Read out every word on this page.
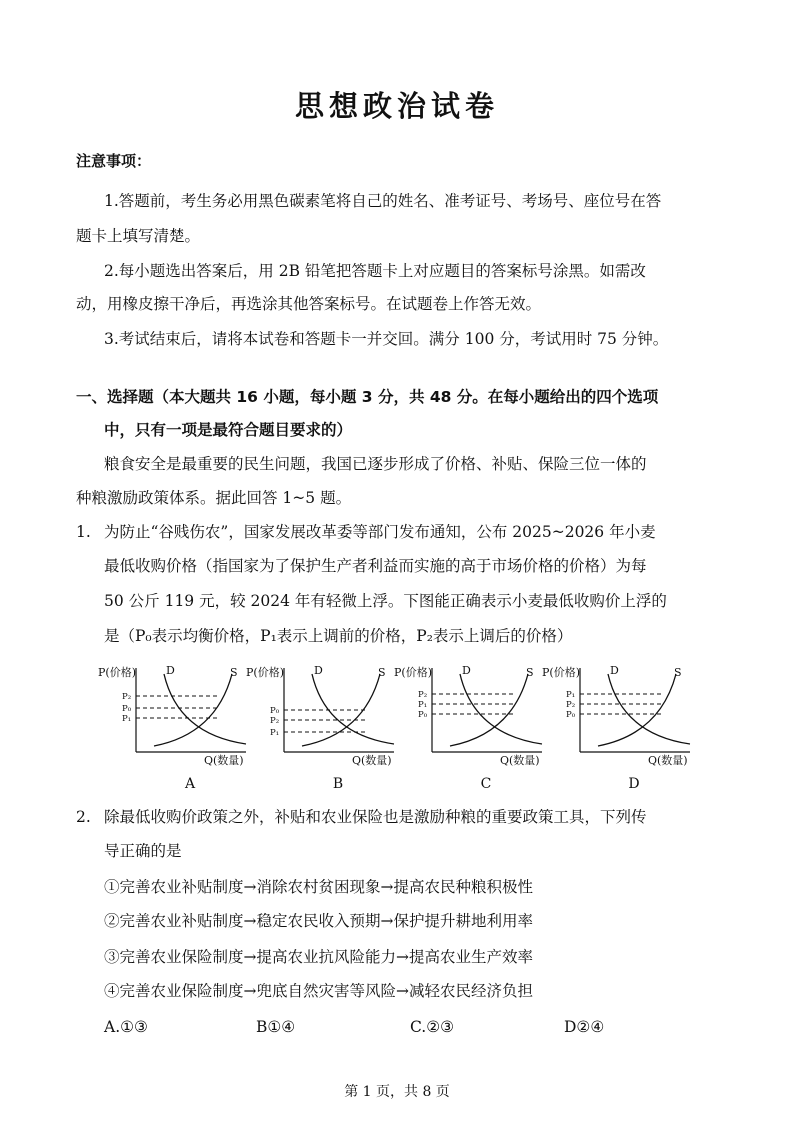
思想政治试卷
注意事项：
1.答题前，考生务必用黑色碳素笔将自己的姓名、准考证号、考场号、座位号在答
题卡上填写清楚。
2.每小题选出答案后，用 2B 铅笔把答题卡上对应题目的答案标号涂黑。如需改
动，用橡皮擦干净后，再选涂其他答案标号。在试题卷上作答无效。
3.考试结束后，请将本试卷和答题卡一并交回。满分 100 分，考试用时 75 分钟。
一、选择题（本大题共 16 小题，每小题 3 分，共 48 分。在每小题给出的四个选项
中，只有一项是最符合题目要求的）
粮食安全是最重要的民生问题，我国已逐步形成了价格、补贴、保险三位一体的
种粮激励政策体系。据此回答 1~5 题。
1. 为防止“谷贱伤农”，国家发展改革委等部门发布通知，公布 2025~2026 年小麦
最低收购价格（指国家为了保护生产者利益而实施的高于市场价格的价格）为每
50 公斤 119 元，较 2024 年有轻微上浮。下图能正确表示小麦最低收购价上浮的
是（P₀表示均衡价格，P₁表示上调前的价格，P₂表示上调后的价格）
P(价格)
Q(数量)
D	S
P₂
P₀
P₁
A
P(价格)
Q(数量)
D	S
P₀
P₂
P₁
B
P(价格)
Q(数量)
D	S
P₂
P₁
P₀
C
P(价格)
Q(数量)
D	S
P₁
P₂
P₀
D
2. 除最低收购价政策之外，补贴和农业保险也是激励种粮的重要政策工具，下列传
导正确的是
①完善农业补贴制度→消除农村贫困现象→提高农民种粮积极性
②完善农业补贴制度→稳定农民收入预期→保护提升耕地利用率
③完善农业保险制度→提高农业抗风险能力→提高农业生产效率
④完善农业保险制度→兜底自然灾害等风险→减轻农民经济负担
A.①③	B①④	C.②③	D②④
第 1 页，共 8 页
